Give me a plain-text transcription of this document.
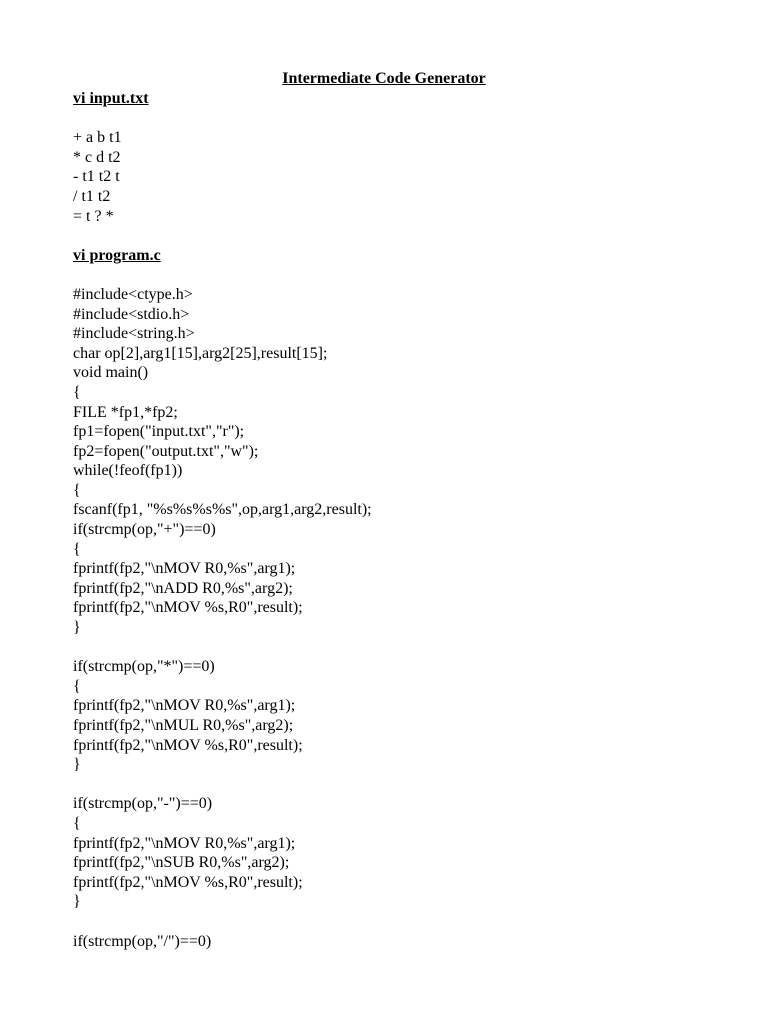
Intermediate Code Generator
vi input.txt
+ a b t1
* c d t2
- t1 t2 t
/ t1 t2
= t ? *
vi program.c
#include<ctype.h>
#include<stdio.h>
#include<string.h>
char op[2],arg1[15],arg2[25],result[15];
void main()
{
FILE *fp1,*fp2;
fp1=fopen("input.txt","r");
fp2=fopen("output.txt","w");
while(!feof(fp1))
{
fscanf(fp1, "%s%s%s%s",op,arg1,arg2,result);
if(strcmp(op,"+")==0)
{
fprintf(fp2,"\nMOV R0,%s",arg1);
fprintf(fp2,"\nADD R0,%s",arg2);
fprintf(fp2,"\nMOV %s,R0",result);
}
if(strcmp(op,"*")==0)
{
fprintf(fp2,"\nMOV R0,%s",arg1);
fprintf(fp2,"\nMUL R0,%s",arg2);
fprintf(fp2,"\nMOV %s,R0",result);
}
if(strcmp(op,"-")==0)
{
fprintf(fp2,"\nMOV R0,%s",arg1);
fprintf(fp2,"\nSUB R0,%s",arg2);
fprintf(fp2,"\nMOV %s,R0",result);
}
if(strcmp(op,"/")==0)
